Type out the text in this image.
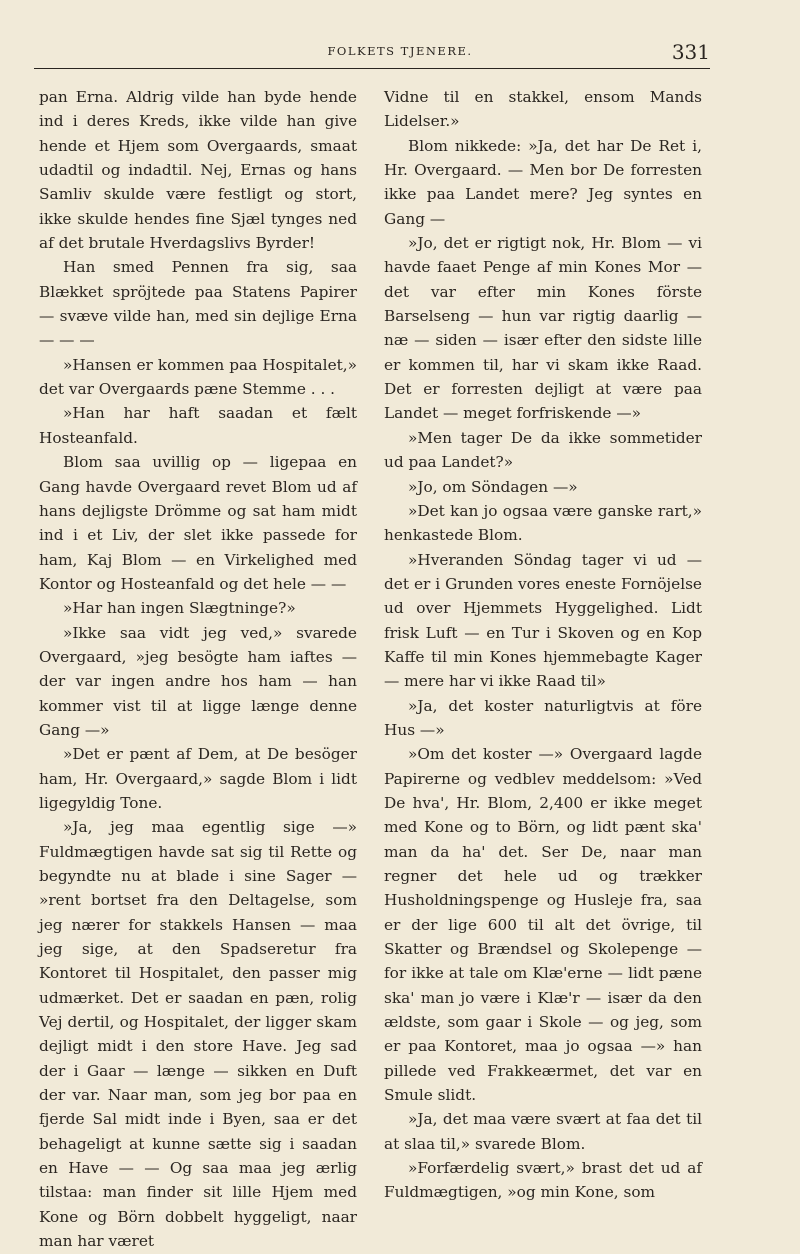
FOLKETS TJENERE.	331

pan Erna. Aldrig vilde han byde hende ind i deres Kreds, ikke vilde han give hende et Hjem som Overgaards, smaat udadtil og indadtil. Nej, Ernas og hans Samliv skulde være festligt og stort, ikke skulde hendes fine Sjæl tynges ned af det brutale Hverdagslivs Byrder!

Han smed Pennen fra sig, saa Blækket spröjtede paa Statens Papirer — svæve vilde han, med sin dejlige Erna — — —

»Hansen er kommen paa Hospitalet,» det var Overgaards pæne Stemme . . .

»Han har haft saadan et fælt Hosteanfald.

Blom saa uvillig op — ligepaa en Gang havde Overgaard revet Blom ud af hans dejligste Drömme og sat ham midt ind i et Liv, der slet ikke passede for ham, Kaj Blom — en Virkelighed med Kontor og Hosteanfald og det hele — —

»Har han ingen Slægtninge?»

»Ikke saa vidt jeg ved,» svarede Overgaard, »jeg besögte ham iaftes — der var ingen andre hos ham — han kommer vist til at ligge længe denne Gang —»

»Det er pænt af Dem, at De besöger ham, Hr. Overgaard,» sagde Blom i lidt ligegyldig Tone.

»Ja, jeg maa egentlig sige —» Fuldmægtigen havde sat sig til Rette og begyndte nu at blade i sine Sager — »rent bortset fra den Deltagelse, som jeg nærer for stakkels Hansen — maa jeg sige, at den Spadseretur fra Kontoret til Hospitalet, den passer mig udmærket. Det er saadan en pæn, rolig Vej dertil, og Hospitalet, der ligger skam dejligt midt i den store Have. Jeg sad der i Gaar — længe — sikken en Duft der var. Naar man, som jeg bor paa en fjerde Sal midt inde i Byen, saa er det behageligt at kunne sætte sig i saadan en Have — — Og saa maa jeg ærlig tilstaa: man finder sit lille Hjem med Kone og Börn dobbelt hyggeligt, naar man har været

Vidne til en stakkel, ensom Mands Lidelser.»

Blom nikkede: »Ja, det har De Ret i, Hr. Overgaard. — Men bor De forresten ikke paa Landet mere? Jeg syntes en Gang —

»Jo, det er rigtigt nok, Hr. Blom — vi havde faaet Penge af min Kones Mor — det var efter min Kones förste Barselseng — hun var rigtig daarlig — næ — siden — især efter den sidste lille er kommen til, har vi skam ikke Raad. Det er forresten dejligt at være paa Landet — meget forfriskende —»

»Men tager De da ikke sommetider ud paa Landet?»

»Jo, om Söndagen —»

»Det kan jo ogsaa være ganske rart,» henkastede Blom.

»Hveranden Söndag tager vi ud — det er i Grunden vores eneste Fornöjelse ud over Hjemmets Hyggelighed. Lidt frisk Luft — en Tur i Skoven og en Kop Kaffe til min Kones hjemmebagte Kager — mere har vi ikke Raad til»

»Ja, det koster naturligtvis at före Hus —»

»Om det koster —» Overgaard lagde Papirerne og vedblev meddelsom: »Ved De hva', Hr. Blom, 2,400 er ikke meget med Kone og to Börn, og lidt pænt ska' man da ha' det. Ser De, naar man regner det hele ud og trækker Husholdningspenge og Husleje fra, saa er der lige 600 til alt det övrige, til Skatter og Brændsel og Skolepenge — for ikke at tale om Klæ'erne — lidt pæne ska' man jo være i Klæ'r — især da den ældste, som gaar i Skole — og jeg, som er paa Kontoret, maa jo ogsaa —» han pillede ved Frakkeærmet, det var en Smule slidt.

»Ja, det maa være svært at faa det til at slaa til,» svarede Blom.

»Forfærdelig svært,» brast det ud af Fuldmægtigen, »og min Kone, som
